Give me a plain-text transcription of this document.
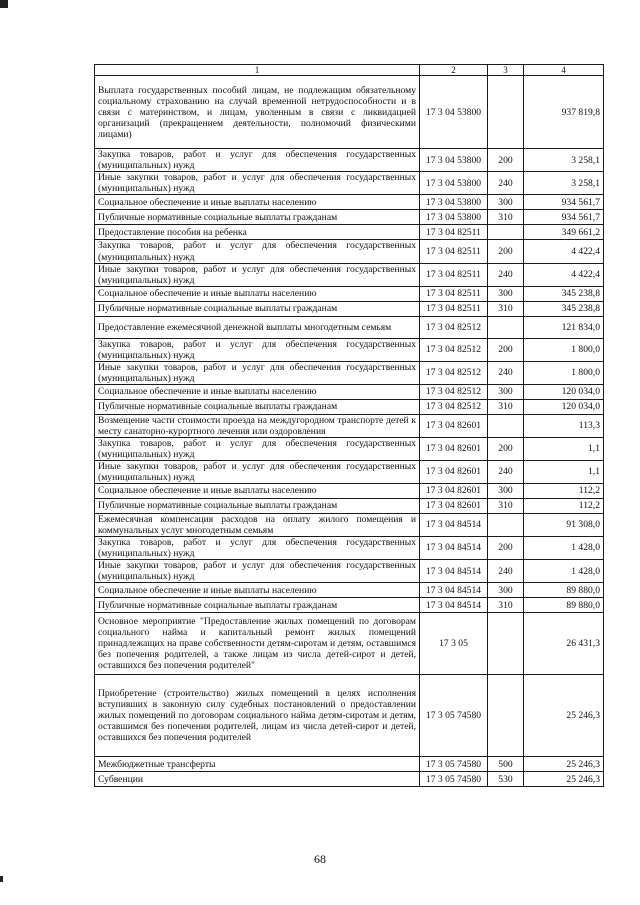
1	2	3	4
Выплата государственных пособий лицам, не подлежащим обязательному социальному страхованию на случай временной нетрудоспособности и в связи с материнством, и лицам, уволенным в связи с ликвидацией организаций (прекращением деятельности, полномочий физическими лицами)	17 3 04 53800		937 819,8
Закупка товаров, работ и услуг для обеспечения государственных (муниципальных) нужд	17 3 04 53800	200	3 258,1
Иные закупки товаров, работ и услуг для обеспечения государственных (муниципальных) нужд	17 3 04 53800	240	3 258,1
Социальное обеспечение и иные выплаты населению	17 3 04 53800	300	934 561,7
Публичные нормативные социальные выплаты гражданам	17 3 04 53800	310	934 561,7
Предоставление пособия на ребенка	17 3 04 82511		349 661,2
Закупка товаров, работ и услуг для обеспечения государственных (муниципальных) нужд	17 3 04 82511	200	4 422,4
Иные закупки товаров, работ и услуг для обеспечения государственных (муниципальных) нужд	17 3 04 82511	240	4 422,4
Социальное обеспечение и иные выплаты населению	17 3 04 82511	300	345 238,8
Публичные нормативные социальные выплаты гражданам	17 3 04 82511	310	345 238,8
Предоставление ежемесячной денежной выплаты многодетным семьям	17 3 04 82512		121 834,0
Закупка товаров, работ и услуг для обеспечения государственных (муниципальных) нужд	17 3 04 82512	200	1 800,0
Иные закупки товаров, работ и услуг для обеспечения государственных (муниципальных) нужд	17 3 04 82512	240	1 800,0
Социальное обеспечение и иные выплаты населению	17 3 04 82512	300	120 034,0
Публичные нормативные социальные выплаты гражданам	17 3 04 82512	310	120 034,0
Возмещение части стоимости проезда на междугородном транспорте детей к месту санаторно-курортного лечения или оздоровления	17 3 04 82601		113,3
Закупка товаров, работ и услуг для обеспечения государственных (муниципальных) нужд	17 3 04 82601	200	1,1
Иные закупки товаров, работ и услуг для обеспечения государственных (муниципальных) нужд	17 3 04 82601	240	1,1
Социальное обеспечение и иные выплаты населению	17 3 04 82601	300	112,2
Публичные нормативные социальные выплаты гражданам	17 3 04 82601	310	112,2
Ежемесячная компенсация расходов на оплату жилого помещения и коммунальных услуг многодетным семьям	17 3 04 84514		91 308,0
Закупка товаров, работ и услуг для обеспечения государственных (муниципальных) нужд	17 3 04 84514	200	1 428,0
Иные закупки товаров, работ и услуг для обеспечения государственных (муниципальных) нужд	17 3 04 84514	240	1 428,0
Социальное обеспечение и иные выплаты населению	17 3 04 84514	300	89 880,0
Публичные нормативные социальные выплаты гражданам	17 3 04 84514	310	89 880,0
Основное мероприятие "Предоставление жилых помещений по договорам социального найма и капитальный ремонт жилых помещений принадлежащих на праве собственности детям-сиротам и детям, оставшимся без попечения родителей, а также лицам из числа детей-сирот и детей, оставшихся без попечения родителей"	17 3 05		26 431,3
Приобретение (строительство) жилых помещений в целях исполнения вступивших в законную силу судебных постановлений о предоставлении жилых помещений по договорам социального найма детям-сиротам и детям, оставшимся без попечения родителей, лицам из числа детей-сирот и детей, оставшихся без попечения родителей	17 3 05 74580		25 246,3
Межбюджетные трансферты	17 3 05 74580	500	25 246,3
Субвенции	17 3 05 74580	530	25 246,3
68
